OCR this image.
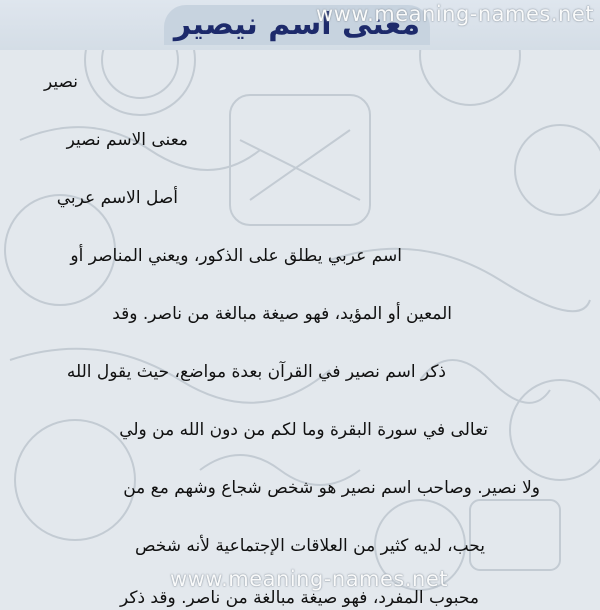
معنى اسم نيصير
www.meaning-names.net

نصير

معنى الاسم نصير

أصل الاسم عربي

اسم عربي يطلق على الذكور، ويعني المناصر أو

المعين أو المؤيد، فهو صيغة مبالغة من ناصر. وقد

ذكر اسم نصير في القرآن بعدة مواضع، حيث يقول الله

تعالى في سورة البقرة وما لكم من دون الله من ولي

ولا نصير. وصاحب اسم نصير هو شخص شجاع وشهم مع من

يحب، لديه كثير من العلاقات الإجتماعية لأنه شخص

محبوب المفرد، فهو صيغة مبالغة من ناصر. وقد ذكر

www.meaning-names.net
